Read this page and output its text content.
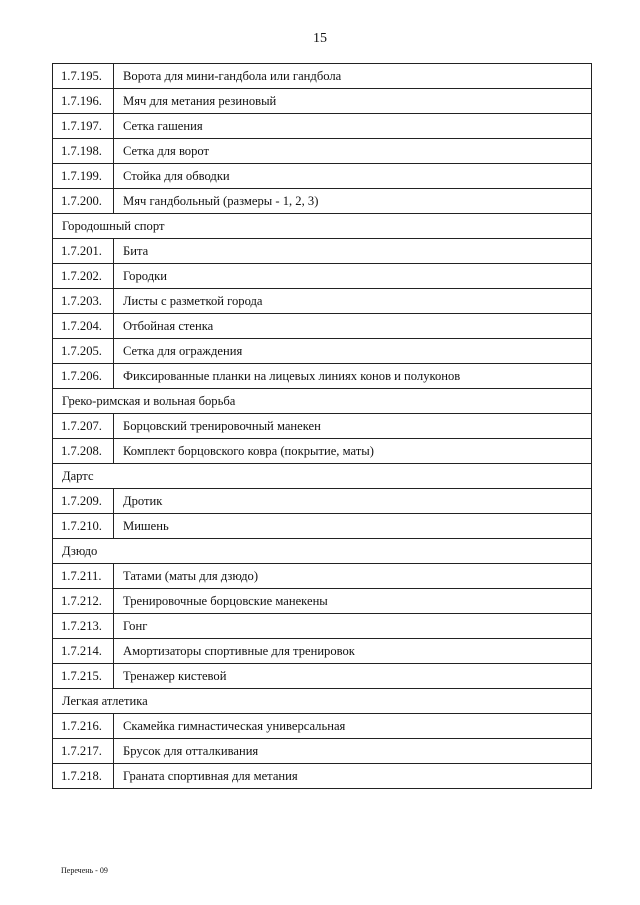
15
1.7.195.	Ворота для мини-гандбола или гандбола
1.7.196.	Мяч для метания резиновый
1.7.197.	Сетка гашения
1.7.198.	Сетка для ворот
1.7.199.	Стойка для обводки
1.7.200.	Мяч гандбольный (размеры - 1, 2, 3)
Городошный спорт	
1.7.201.	Бита
1.7.202.	Городки
1.7.203.	Листы с разметкой города
1.7.204.	Отбойная стенка
1.7.205.	Сетка для ограждения
1.7.206.	Фиксированные планки на лицевых линиях конов и полуконов
Греко-римская и вольная борьба	
1.7.207.	Борцовский тренировочный манекен
1.7.208.	Комплект борцовского ковра (покрытие, маты)
Дартс	
1.7.209.	Дротик
1.7.210.	Мишень
Дзюдо	
1.7.211.	Татами (маты для дзюдо)
1.7.212.	Тренировочные борцовские манекены
1.7.213.	Гонг
1.7.214.	Амортизаторы спортивные для тренировок
1.7.215.	Тренажер кистевой
Легкая атлетика	
1.7.216.	Скамейка гимнастическая универсальная
1.7.217.	Брусок для отталкивания
1.7.218.	Граната спортивная для метания
Перечень - 09
